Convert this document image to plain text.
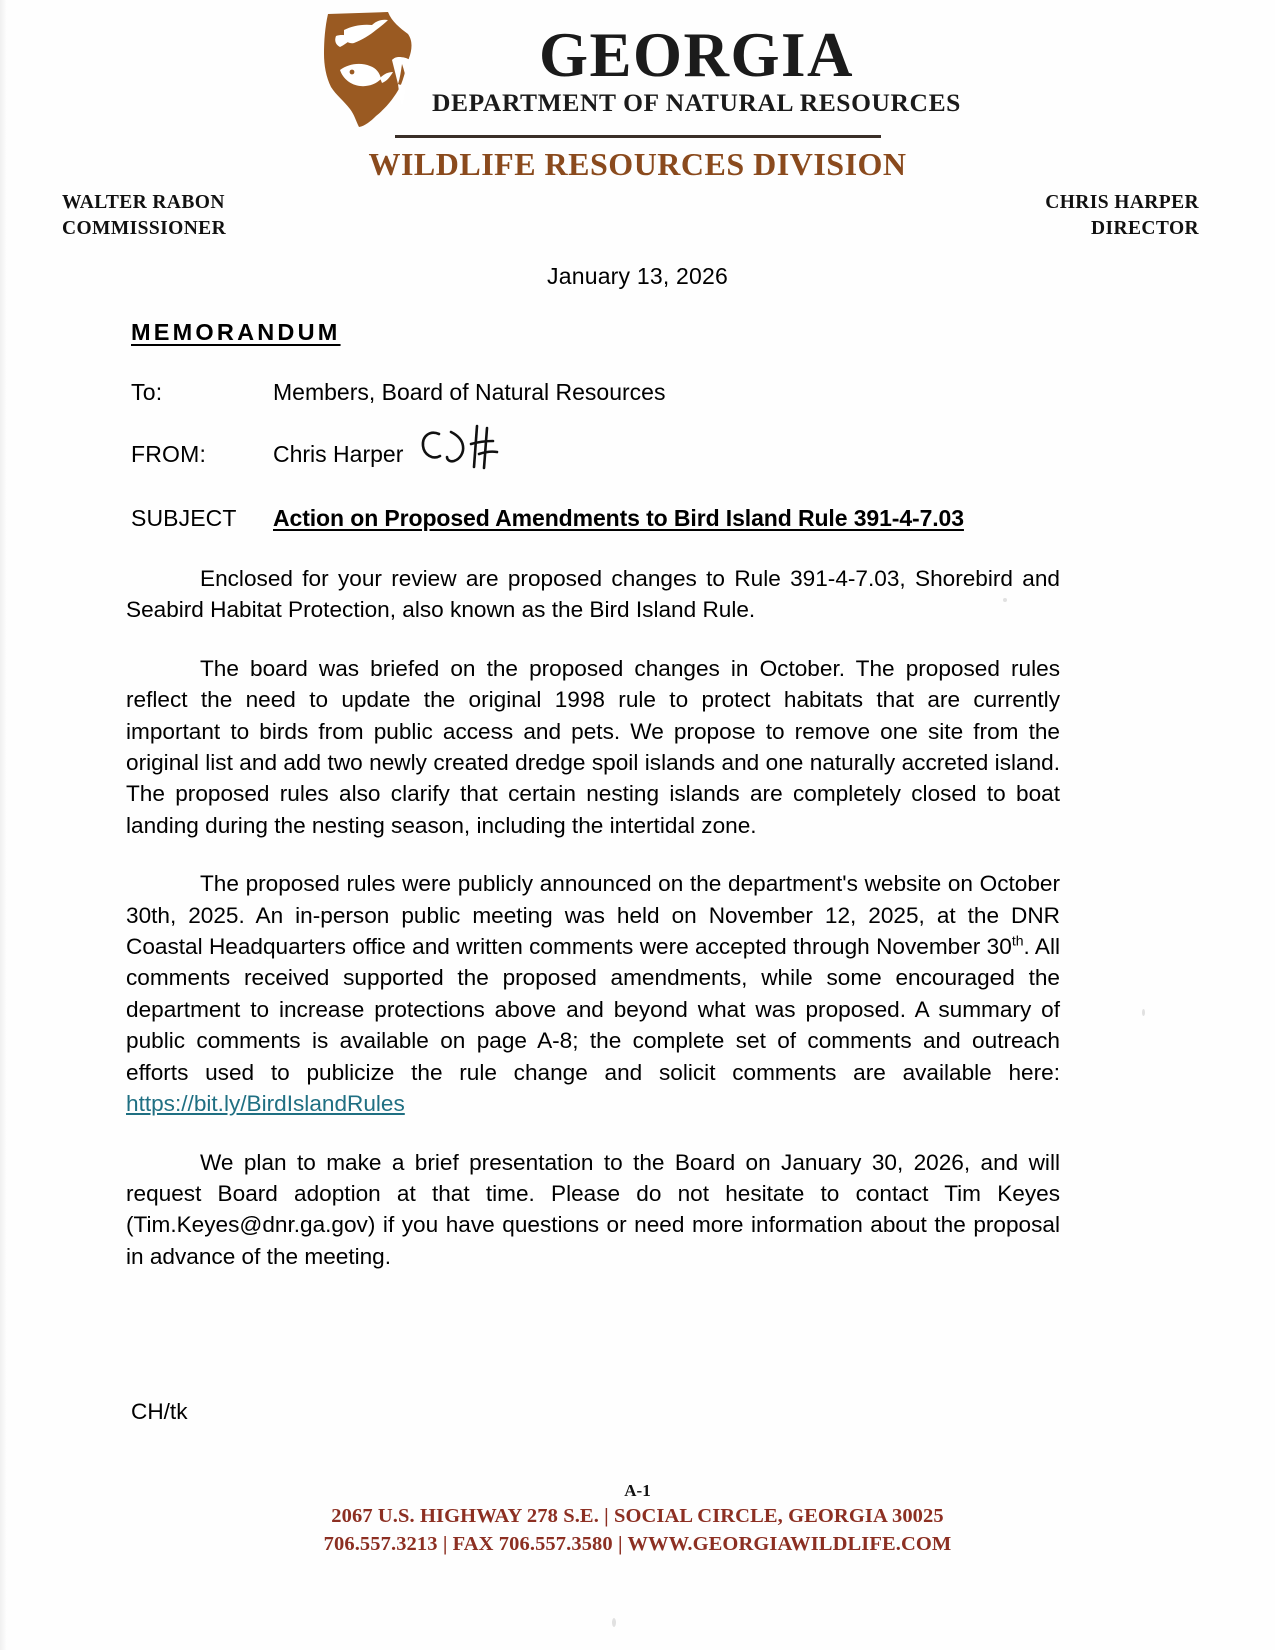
GEORGIA
DEPARTMENT OF NATURAL RESOURCES
WILDLIFE RESOURCES DIVISION
WALTER RABON
COMMISSIONER
CHRIS HARPER
DIRECTOR
January 13, 2026
MEMORANDUM
To:	Members, Board of Natural Resources
FROM:	Chris Harper
SUBJECT	Action on Proposed Amendments to Bird Island Rule 391-4-7.03

Enclosed for your review are proposed changes to Rule 391-4-7.03, Shorebird and Seabird Habitat Protection, also known as the Bird Island Rule.

The board was briefed on the proposed changes in October. The proposed rules reflect the need to update the original 1998 rule to protect habitats that are currently important to birds from public access and pets. We propose to remove one site from the original list and add two newly created dredge spoil islands and one naturally accreted island. The proposed rules also clarify that certain nesting islands are completely closed to boat landing during the nesting season, including the intertidal zone.

The proposed rules were publicly announced on the department's website on October 30th, 2025. An in-person public meeting was held on November 12, 2025, at the DNR Coastal Headquarters office and written comments were accepted through November 30th. All comments received supported the proposed amendments, while some encouraged the department to increase protections above and beyond what was proposed. A summary of public comments is available on page A-8; the complete set of comments and outreach efforts used to publicize the rule change and solicit comments are available here: https://bit.ly/BirdIslandRules

We plan to make a brief presentation to the Board on January 30, 2026, and will request Board adoption at that time. Please do not hesitate to contact Tim Keyes (Tim.Keyes@dnr.ga.gov) if you have questions or need more information about the proposal in advance of the meeting.

CH/tk
A-1
2067 U.S. HIGHWAY 278 S.E. | SOCIAL CIRCLE, GEORGIA 30025
706.557.3213 | FAX 706.557.3580 | WWW.GEORGIAWILDLIFE.COM
